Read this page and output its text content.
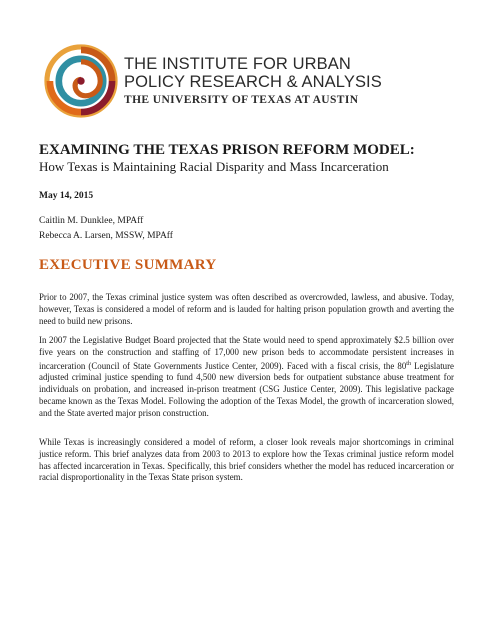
THE INSTITUTE FOR URBAN
POLICY RESEARCH & ANALYSIS
THE UNIVERSITY OF TEXAS AT AUSTIN
EXAMINING THE TEXAS PRISON REFORM MODEL:
How Texas is Maintaining Racial Disparity and Mass Incarceration
May 14, 2015
Caitlin M. Dunklee, MPAff
Rebecca A. Larsen, MSSW, MPAff
EXECUTIVE SUMMARY
Prior to 2007, the Texas criminal justice system was often described as overcrowded, lawless, and abusive. Today, however, Texas is considered a model of reform and is lauded for halting prison population growth and averting the need to build new prisons.
In 2007 the Legislative Budget Board projected that the State would need to spend approximately $2.5 billion over five years on the construction and staffing of 17,000 new prison beds to accommodate persistent increases in incarceration (Council of State Governments Justice Center, 2009). Faced with a fiscal crisis, the 80th Legislature adjusted criminal justice spending to fund 4,500 new diversion beds for outpatient substance abuse treatment for individuals on probation, and increased in-prison treatment (CSG Justice Center, 2009). This legislative package became known as the Texas Model. Following the adoption of the Texas Model, the growth of incarceration slowed, and the State averted major prison construction.
While Texas is increasingly considered a model of reform, a closer look reveals major shortcomings in criminal justice reform. This brief analyzes data from 2003 to 2013 to explore how the Texas criminal justice reform model has affected incarceration in Texas. Specifically, this brief considers whether the model has reduced incarceration or racial disproportionality in the Texas State prison system.
